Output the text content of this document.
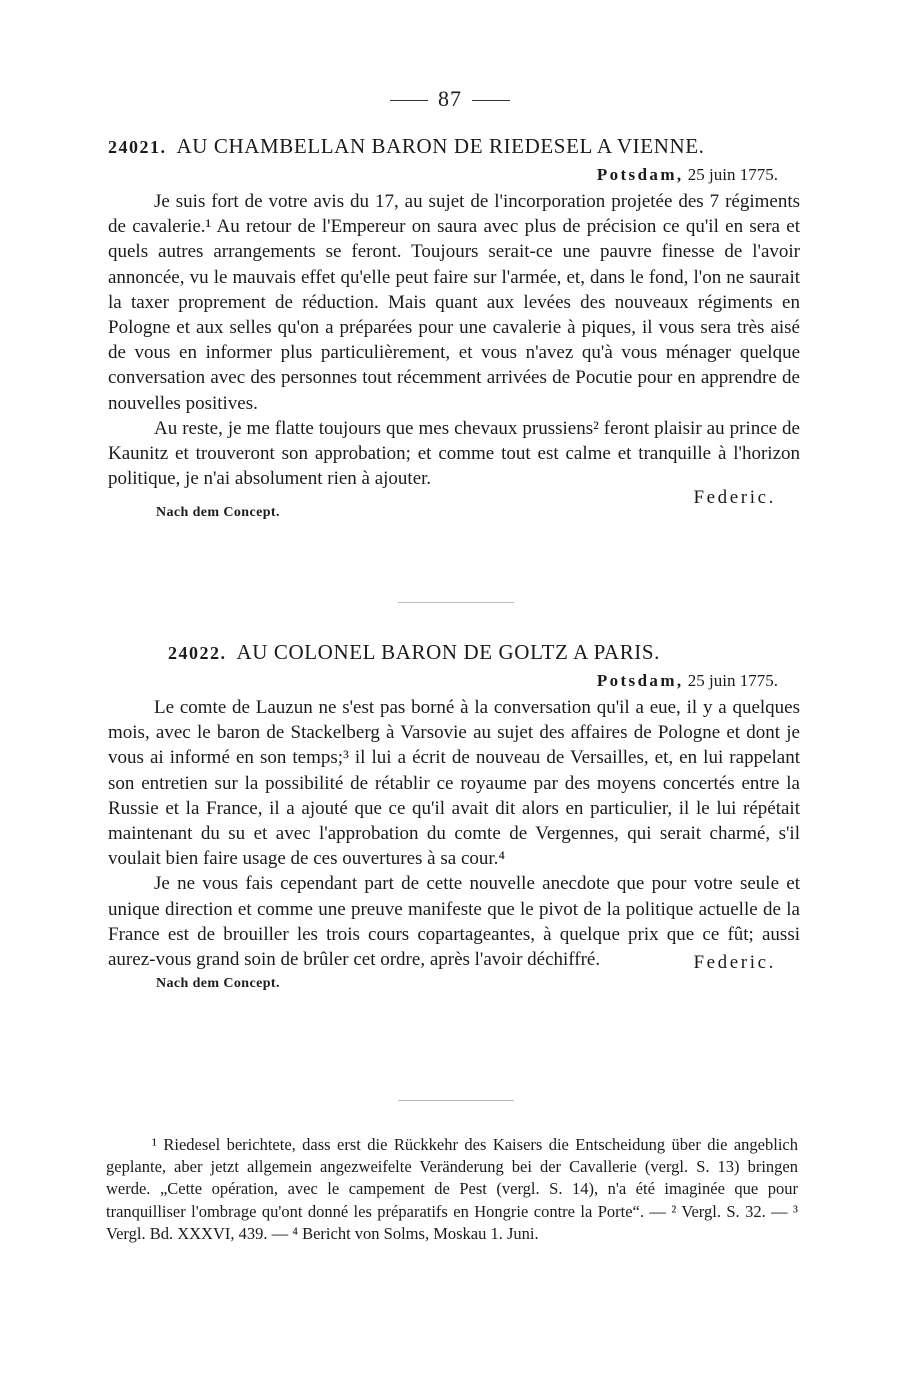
87
24021. AU CHAMBELLAN BARON DE RIEDESEL A VIENNE.
Potsdam, 25 juin 1775.

Je suis fort de votre avis du 17, au sujet de l'incorporation projetée des 7 régiments de cavalerie.¹ Au retour de l'Empereur on saura avec plus de précision ce qu'il en sera et quels autres arrangements se feront. Toujours serait-ce une pauvre finesse de l'avoir annoncée, vu le mauvais effet qu'elle peut faire sur l'armée, et, dans le fond, l'on ne saurait la taxer proprement de réduction. Mais quant aux levées des nouveaux régiments en Pologne et aux selles qu'on a préparées pour une cavalerie à piques, il vous sera très aisé de vous en informer plus particulièrement, et vous n'avez qu'à vous ménager quelque conversation avec des personnes tout récemment arrivées de Pocutie pour en apprendre de nouvelles positives.

Au reste, je me flatte toujours que mes chevaux prussiens² feront plaisir au prince de Kaunitz et trouveront son approbation; et comme tout est calme et tranquille à l'horizon politique, je n'ai absolument rien à ajouter.

Nach dem Concept.
Federic.
24022. AU COLONEL BARON DE GOLTZ A PARIS.
Potsdam, 25 juin 1775.

Le comte de Lauzun ne s'est pas borné à la conversation qu'il a eue, il y a quelques mois, avec le baron de Stackelberg à Varsovie au sujet des affaires de Pologne et dont je vous ai informé en son temps;³ il lui a écrit de nouveau de Versailles, et, en lui rappelant son entretien sur la possibilité de rétablir ce royaume par des moyens concertés entre la Russie et la France, il a ajouté que ce qu'il avait dit alors en particulier, il le lui répétait maintenant du su et avec l'approbation du comte de Vergennes, qui serait charmé, s'il voulait bien faire usage de ces ouvertures à sa cour.⁴

Je ne vous fais cependant part de cette nouvelle anecdote que pour votre seule et unique direction et comme une preuve manifeste que le pivot de la politique actuelle de la France est de brouiller les trois cours copartageantes, à quelque prix que ce fût; aussi aurez-vous grand soin de brûler cet ordre, après l'avoir déchiffré.

Nach dem Concept.
Federic.
¹ Riedesel berichtete, dass erst die Rückkehr des Kaisers die Entscheidung über die angeblich geplante, aber jetzt allgemein angezweifelte Veränderung bei der Cavallerie (vergl. S. 13) bringen werde. „Cette opération, avec le campement de Pest (vergl. S. 14), n'a été imaginée que pour tranquilliser l'ombrage qu'ont donné les préparatifs en Hongrie contre la Porte“. — ² Vergl. S. 32. — ³ Vergl. Bd. XXXVI, 439. — ⁴ Bericht von Solms, Moskau 1. Juni.
